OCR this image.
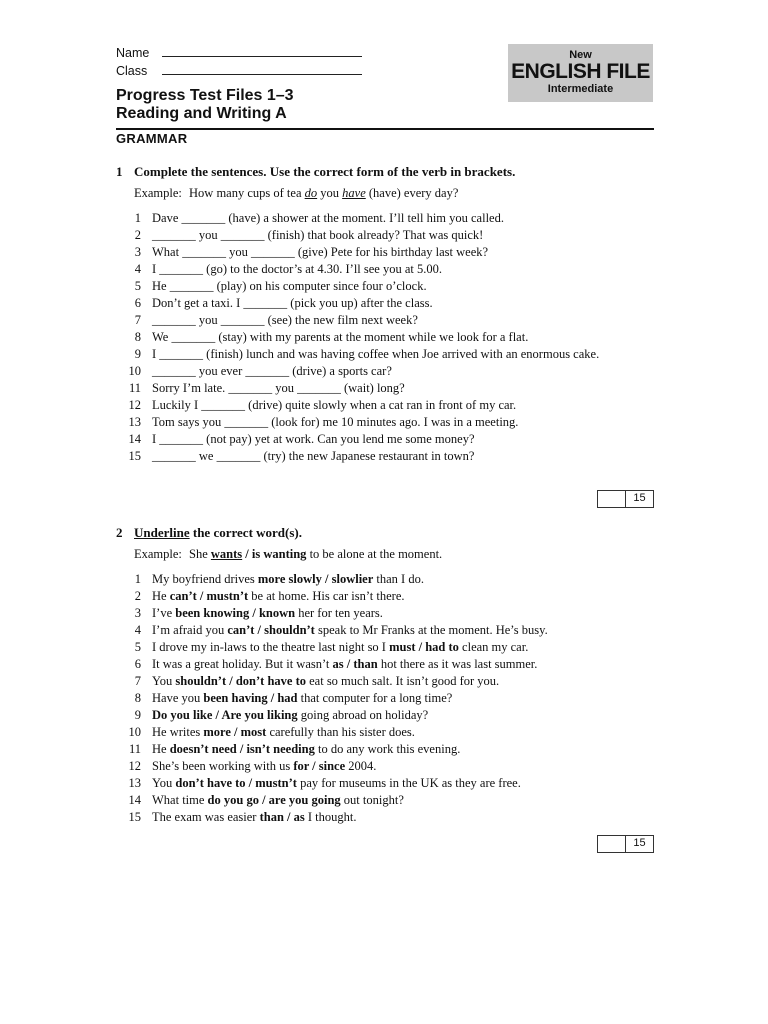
Name
Class
New
ENGLISH FILE
Intermediate
Progress Test Files 1–3
Reading and Writing A
GRAMMAR
1 Complete the sentences. Use the correct form of the verb in brackets.
Example: How many cups of tea do you have (have) every day?
1 Dave _______ (have) a shower at the moment. I’ll tell him you called.
2 _______ you _______ (finish) that book already? That was quick!
3 What _______ you _______ (give) Pete for his birthday last week?
4 I _______ (go) to the doctor’s at 4.30. I’ll see you at 5.00.
5 He _______ (play) on his computer since four o’clock.
6 Don’t get a taxi. I _______ (pick you up) after the class.
7 _______ you _______ (see) the new film next week?
8 We _______ (stay) with my parents at the moment while we look for a flat.
9 I _______ (finish) lunch and was having coffee when Joe arrived with an enormous cake.
10 _______ you ever _______ (drive) a sports car?
11 Sorry I’m late. _______ you _______ (wait) long?
12 Luckily I _______ (drive) quite slowly when a cat ran in front of my car.
13 Tom says you _______ (look for) me 10 minutes ago. I was in a meeting.
14 I _______ (not pay) yet at work. Can you lend me some money?
15 _______ we _______ (try) the new Japanese restaurant in town?
15
2 Underline the correct word(s).
Example: She wants / is wanting to be alone at the moment.
1 My boyfriend drives more slowly / slowlier than I do.
2 He can’t / mustn’t be at home. His car isn’t there.
3 I’ve been knowing / known her for ten years.
4 I’m afraid you can’t / shouldn’t speak to Mr Franks at the moment. He’s busy.
5 I drove my in-laws to the theatre last night so I must / had to clean my car.
6 It was a great holiday. But it wasn’t as / than hot there as it was last summer.
7 You shouldn’t / don’t have to eat so much salt. It isn’t good for you.
8 Have you been having / had that computer for a long time?
9 Do you like / Are you liking going abroad on holiday?
10 He writes more / most carefully than his sister does.
11 He doesn’t need / isn’t needing to do any work this evening.
12 She’s been working with us for / since 2004.
13 You don’t have to / mustn’t pay for museums in the UK as they are free.
14 What time do you go / are you going out tonight?
15 The exam was easier than / as I thought.
15
